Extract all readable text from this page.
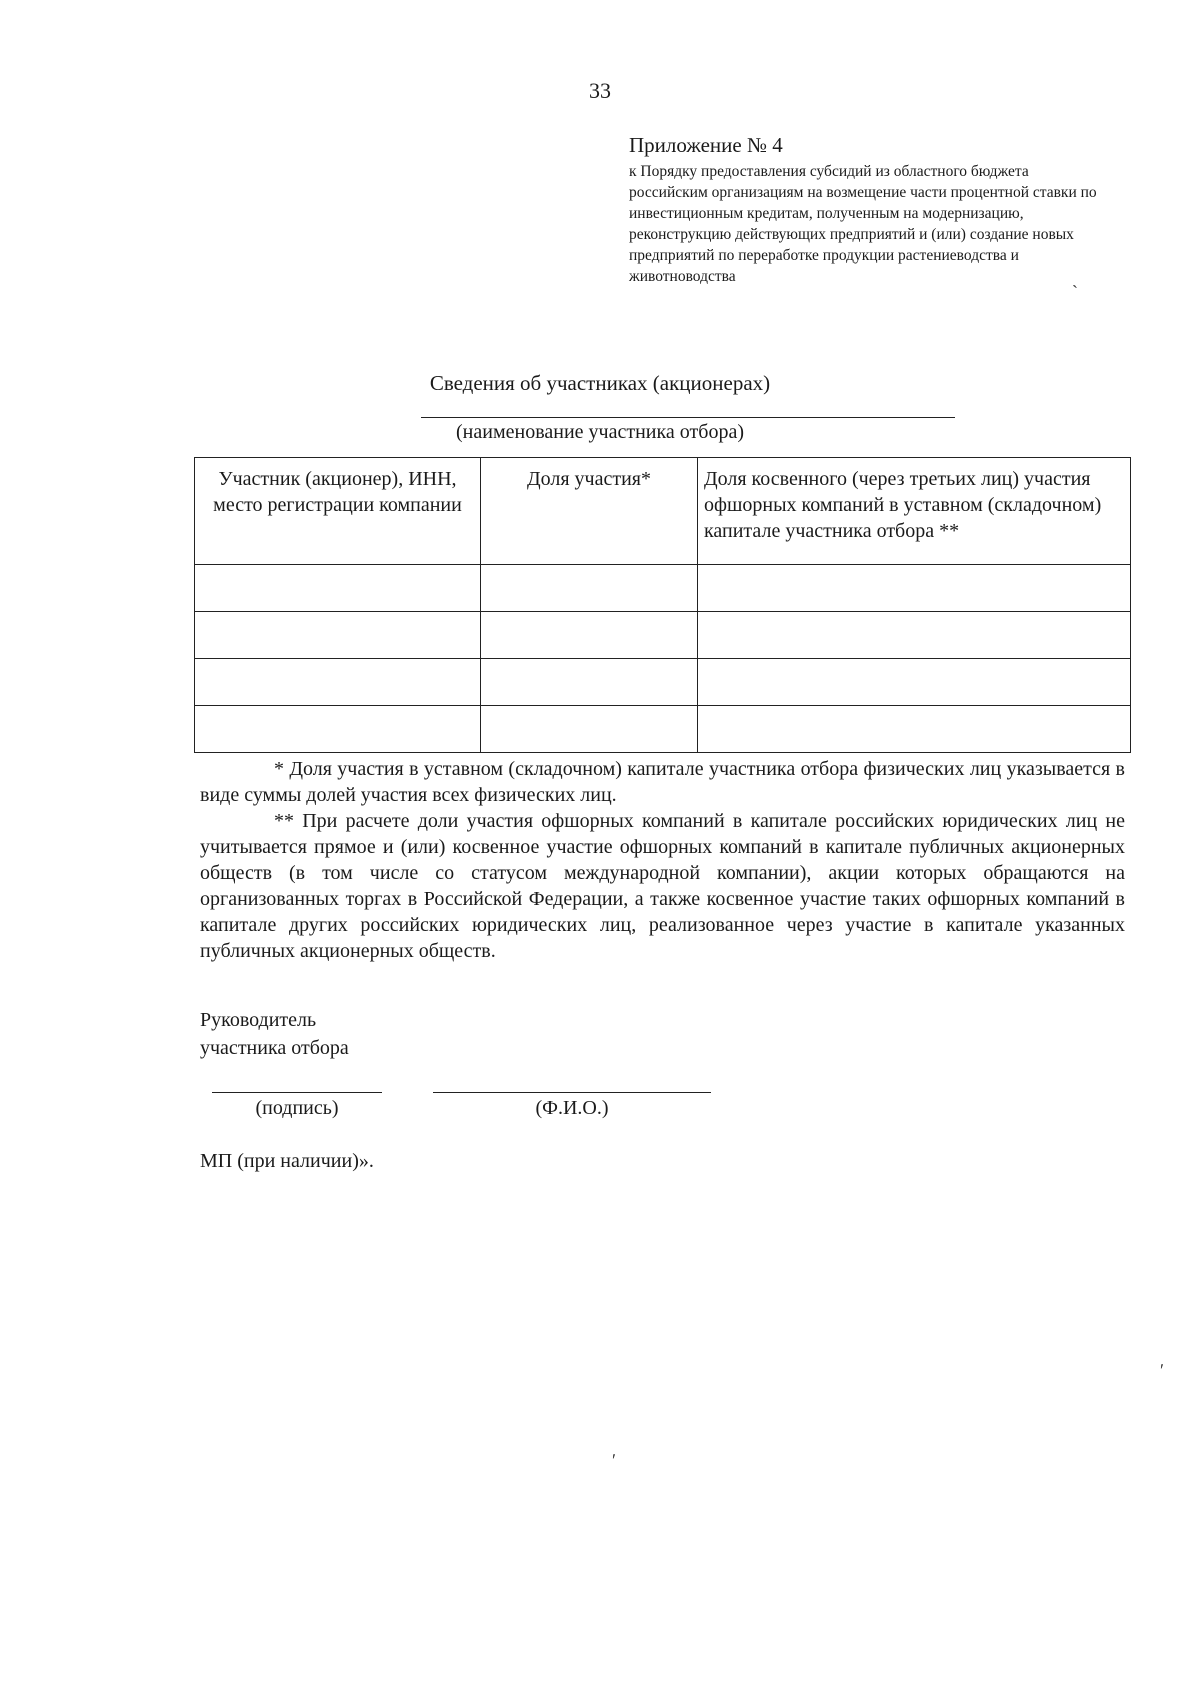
33
Приложение № 4
к Порядку предоставления субсидий из областного бюджета российским организациям на возмещение части процентной ставки по инвестиционным кредитам, полученным на модернизацию, реконструкцию действующих предприятий и (или) создание новых предприятий по переработке продукции растениеводства и животноводства
ˋ
Сведения об участниках (акционерах)
(наименование участника отбора)
Участник (акционер), ИНН, место регистрации компании	Доля участия*	Доля косвенного (через третьих лиц) участия офшорных компаний в уставном (складочном) капитале участника отбора **

* Доля участия в уставном (складочном) капитале участника отбора физических лиц указывается в виде суммы долей участия всех физических лиц.

** При расчете доли участия офшорных компаний в капитале российских юридических лиц не учитывается прямое и (или) косвенное участие офшорных компаний в капитале публичных акционерных обществ (в том числе со статусом международной компании), акции которых обращаются на организованных торгах в Российской Федерации, а также косвенное участие таких офшорных компаний в капитале других российских юридических лиц, реализованное через участие в капитале указанных публичных акционерных обществ.

Руководитель
участника отбора
(подпись)	(Ф.И.О.)
МП (при наличии)».
ʹ
ʹ
